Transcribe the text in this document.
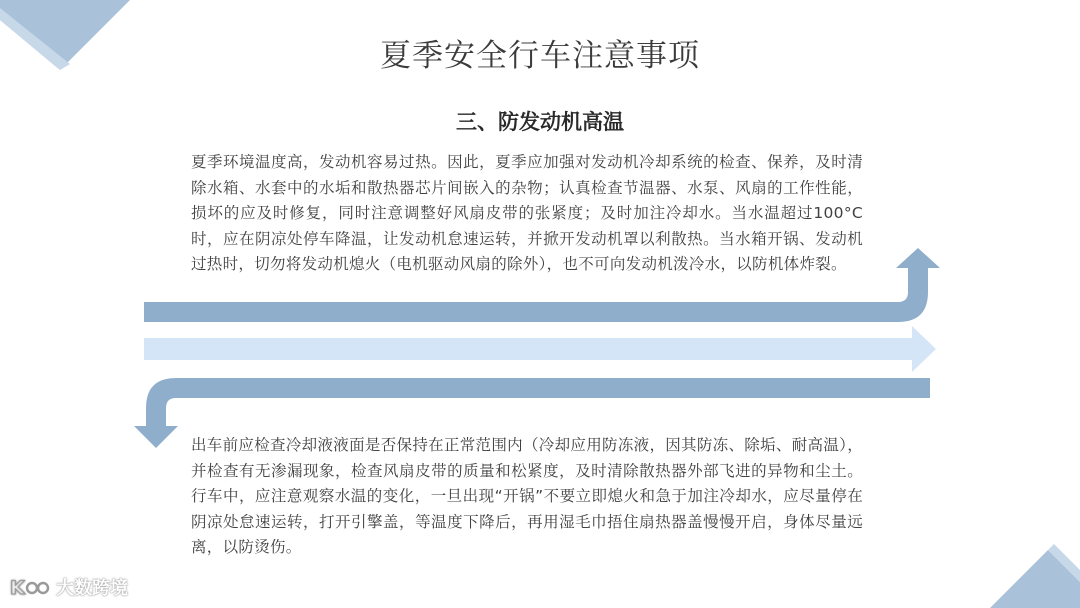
夏季安全行车注意事项
三、防发动机高温
夏季环境温度高，发动机容易过热。因此，夏季应加强对发动机冷却系统的检查、保养，及时清除水箱、水套中的水垢和散热器芯片间嵌入的杂物；认真检查节温器、水泵、风扇的工作性能，损坏的应及时修复，同时注意调整好风扇皮带的张紧度；及时加注冷却水。当水温超过100°C时，应在阴凉处停车降温，让发动机怠速运转，并掀开发动机罩以利散热。当水箱开锅、发动机过热时，切勿将发动机熄火（电机驱动风扇的除外），也不可向发动机泼冷水，以防机体炸裂。
出车前应检查冷却液液面是否保持在正常范围内（冷却应用防冻液，因其防冻、除垢、耐高温），并检查有无渗漏现象，检查风扇皮带的质量和松紧度，及时清除散热器外部飞进的异物和尘土。行车中，应注意观察水温的变化，一旦出现“开锅”不要立即熄火和急于加注冷却水，应尽量停在阴凉处怠速运转，打开引擎盖，等温度下降后，再用湿毛巾捂住扇热器盖慢慢开启，身体尽量远离，以防烫伤。
K 大数跨境
